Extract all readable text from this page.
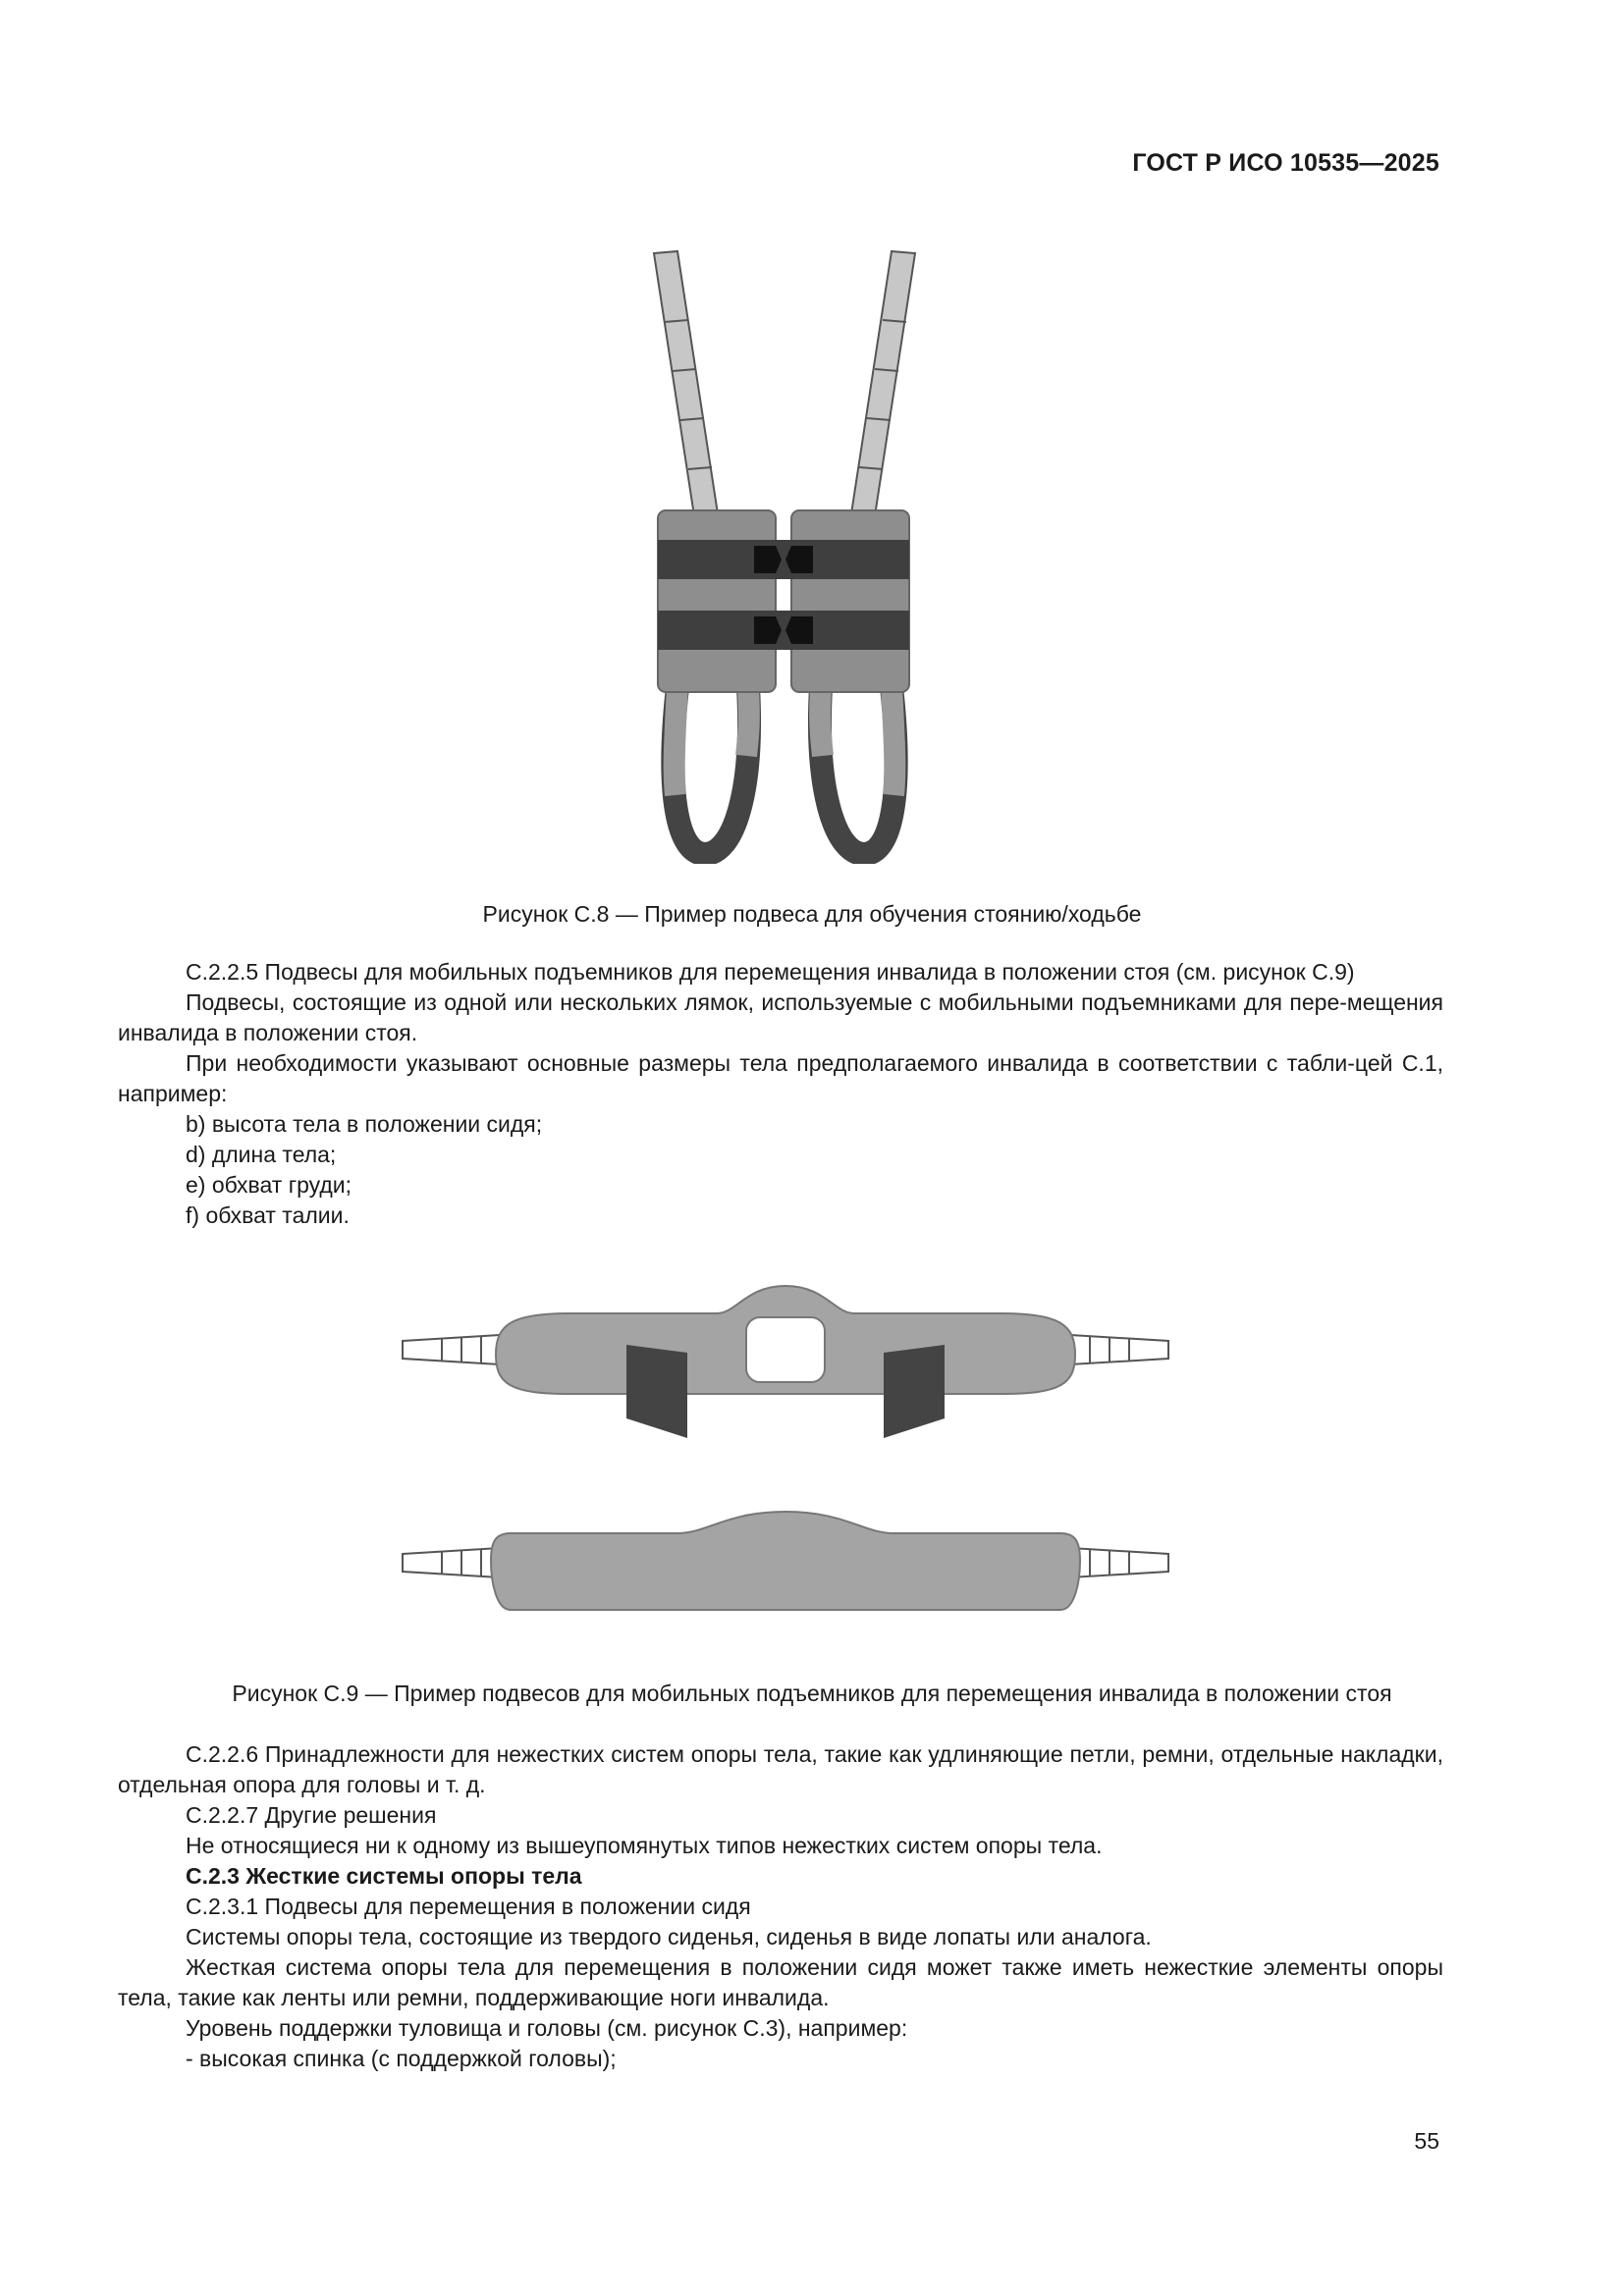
ГОСТ Р ИСО 10535—2025
Рисунок C.8 — Пример подвеса для обучения стоянию/ходьбе

C.2.2.5 Подвесы для мобильных подъемников для перемещения инвалида в положении стоя (см. рисунок C.9)

Подвесы, состоящие из одной или нескольких лямок, используемые с мобильными подъемниками для пере-мещения инвалида в положении стоя.

При необходимости указывают основные размеры тела предполагаемого инвалида в соответствии с табли-цей C.1, например:

b) высота тела в положении сидя;

d) длина тела;

e) обхват груди;

f) обхват талии.

Рисунок C.9 — Пример подвесов для мобильных подъемников для перемещения инвалида в положении стоя

C.2.2.6 Принадлежности для нежестких систем опоры тела, такие как удлиняющие петли, ремни, отдельные накладки, отдельная опора для головы и т. д.

C.2.2.7 Другие решения

Не относящиеся ни к одному из вышеупомянутых типов нежестких систем опоры тела.

C.2.3 Жесткие системы опоры тела

C.2.3.1 Подвесы для перемещения в положении сидя

Системы опоры тела, состоящие из твердого сиденья, сиденья в виде лопаты или аналога.

Жесткая система опоры тела для перемещения в положении сидя может также иметь нежесткие элементы опоры тела, такие как ленты или ремни, поддерживающие ноги инвалида.

Уровень поддержки туловища и головы (см. рисунок C.3), например:

- высокая спинка (с поддержкой головы);

55
